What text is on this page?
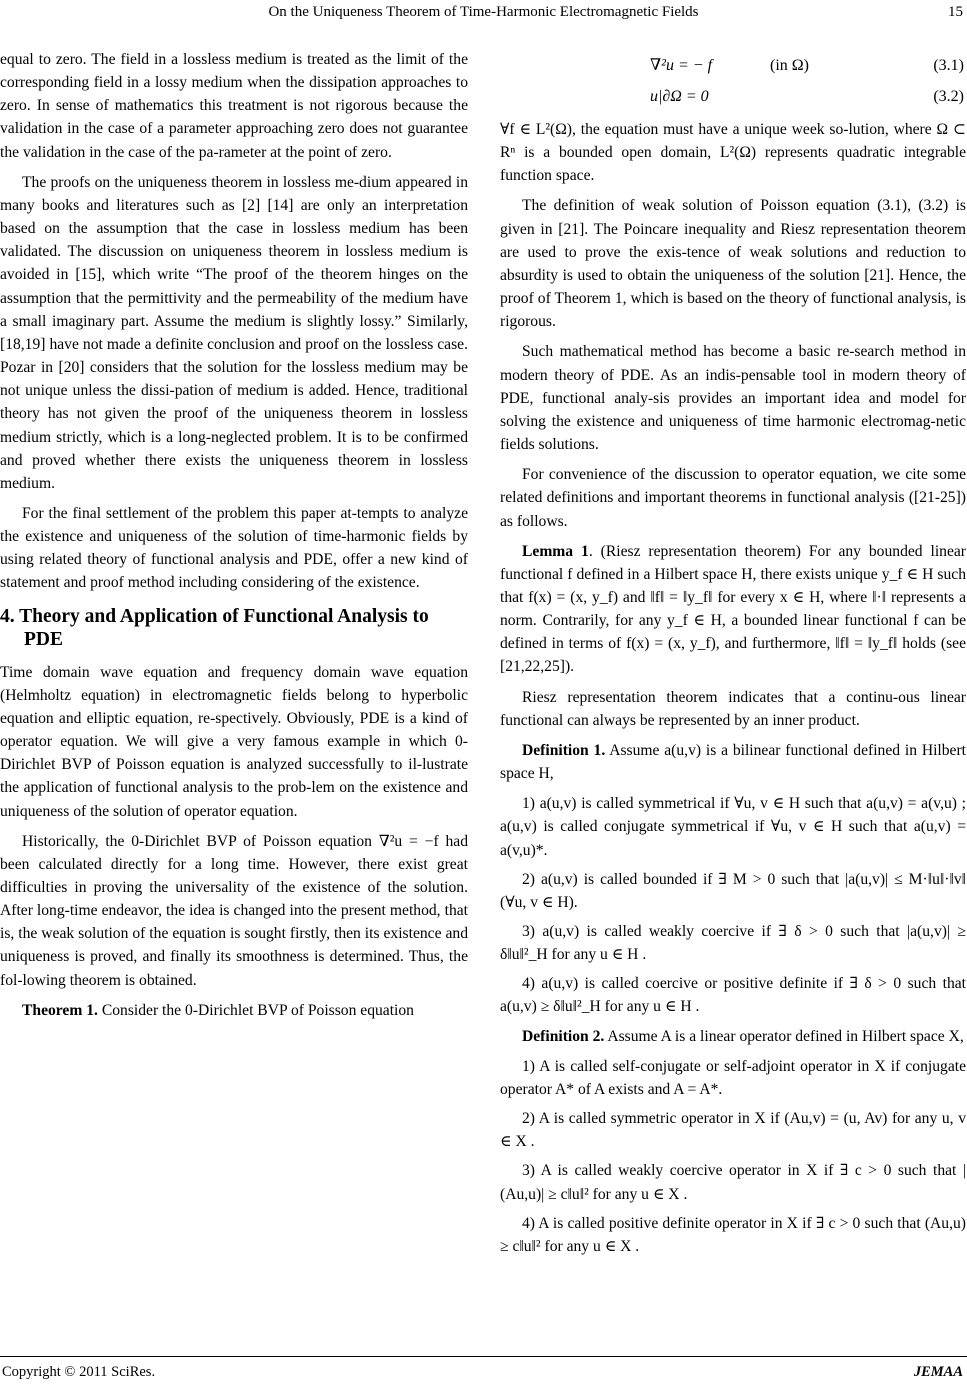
On the Uniqueness Theorem of Time-Harmonic Electromagnetic Fields	15

equal to zero. The field in a lossless medium is treated as the limit of the corresponding field in a lossy medium when the dissipation approaches to zero. In sense of mathematics this treatment is not rigorous because the validation in the case of a parameter approaching zero does not guarantee the validation in the case of the pa-rameter at the point of zero.

The proofs on the uniqueness theorem in lossless me-dium appeared in many books and literatures such as [2] [14] are only an interpretation based on the assumption that the case in lossless medium has been validated. The discussion on uniqueness theorem in lossless medium is avoided in [15], which write “The proof of the theorem hinges on the assumption that the permittivity and the permeability of the medium have a small imaginary part. Assume the medium is slightly lossy.” Similarly, [18,19] have not made a definite conclusion and proof on the lossless case. Pozar in [20] considers that the solution for the lossless medium may be not unique unless the dissi-pation of medium is added. Hence, traditional theory has not given the proof of the uniqueness theorem in lossless medium strictly, which is a long-neglected problem. It is to be confirmed and proved whether there exists the uniqueness theorem in lossless medium.

For the final settlement of the problem this paper at-tempts to analyze the existence and uniqueness of the solution of time-harmonic fields by using related theory of functional analysis and PDE, offer a new kind of statement and proof method including considering of the existence.

4. Theory and Application of Functional Analysis to PDE

Time domain wave equation and frequency domain wave equation (Helmholtz equation) in electromagnetic fields belong to hyperbolic equation and elliptic equation, re-spectively. Obviously, PDE is a kind of operator equation. We will give a very famous example in which 0-Dirichlet BVP of Poisson equation is analyzed successfully to il-lustrate the application of functional analysis to the prob-lem on the existence and uniqueness of the solution of operator equation.

Historically, the 0-Dirichlet BVP of Poisson equation ∇²u = −f had been calculated directly for a long time. However, there exist great difficulties in proving the universality of the existence of the solution. After long-time endeavor, the idea is changed into the present method, that is, the weak solution of the equation is sought firstly, then its existence and uniqueness is proved, and finally its smoothness is determined. Thus, the fol-lowing theorem is obtained.

Theorem 1. Consider the 0-Dirichlet BVP of Poisson equation

∇²u = − f	(in Ω)	(3.1)
u|∂Ω = 0	(3.2)

∀f ∈ L²(Ω), the equation must have a unique week so-lution, where Ω ⊂ Rⁿ is a bounded open domain, L²(Ω) represents quadratic integrable function space.

The definition of weak solution of Poisson equation (3.1), (3.2) is given in [21]. The Poincare inequality and Riesz representation theorem are used to prove the exis-tence of weak solutions and reduction to absurdity is used to obtain the uniqueness of the solution [21]. Hence, the proof of Theorem 1, which is based on the theory of functional analysis, is rigorous.

Such mathematical method has become a basic re-search method in modern theory of PDE. As an indis-pensable tool in modern theory of PDE, functional analy-sis provides an important idea and model for solving the existence and uniqueness of time harmonic electromag-netic fields solutions.

For convenience of the discussion to operator equation, we cite some related definitions and important theorems in functional analysis ([21-25]) as follows.

Lemma 1. (Riesz representation theorem) For any bounded linear functional f defined in a Hilbert space H, there exists unique y_f ∈ H such that f(x) = (x, y_f) and ‖f‖ = ‖y_f‖ for every x ∈ H, where ‖·‖ represents a norm. Contrarily, for any y_f ∈ H, a bounded linear functional f can be defined in terms of f(x) = (x, y_f), and furthermore, ‖f‖ = ‖y_f‖ holds (see [21,22,25]).

Riesz representation theorem indicates that a continu-ous linear functional can always be represented by an inner product.

Definition 1. Assume a(u,v) is a bilinear functional defined in Hilbert space H,

1) a(u,v) is called symmetrical if ∀u, v ∈ H such that a(u,v) = a(v,u) ; a(u,v) is called conjugate symmetrical if ∀u, v ∈ H such that a(u,v) = a(v,u)*.
2) a(u,v) is called bounded if ∃ M > 0 such that |a(u,v)| ≤ M·‖u‖·‖v‖ (∀u, v ∈ H).
3) a(u,v) is called weakly coercive if ∃ δ > 0 such that |a(u,v)| ≥ δ‖u‖²_H for any u ∈ H .
4) a(u,v) is called coercive or positive definite if ∃ δ > 0 such that a(u,v) ≥ δ‖u‖²_H for any u ∈ H .

Definition 2. Assume A is a linear operator defined in Hilbert space X,

1) A is called self-conjugate or self-adjoint operator in X if conjugate operator A* of A exists and A = A*.
2) A is called symmetric operator in X if (Au,v) = (u, Av) for any u, v ∈ X .
3) A is called weakly coercive operator in X if ∃ c > 0 such that |(Au,u)| ≥ c‖u‖² for any u ∈ X .
4) A is called positive definite operator in X if ∃ c > 0 such that (Au,u) ≥ c‖u‖² for any u ∈ X .
Copyright © 2011 SciRes.	JEMAA
